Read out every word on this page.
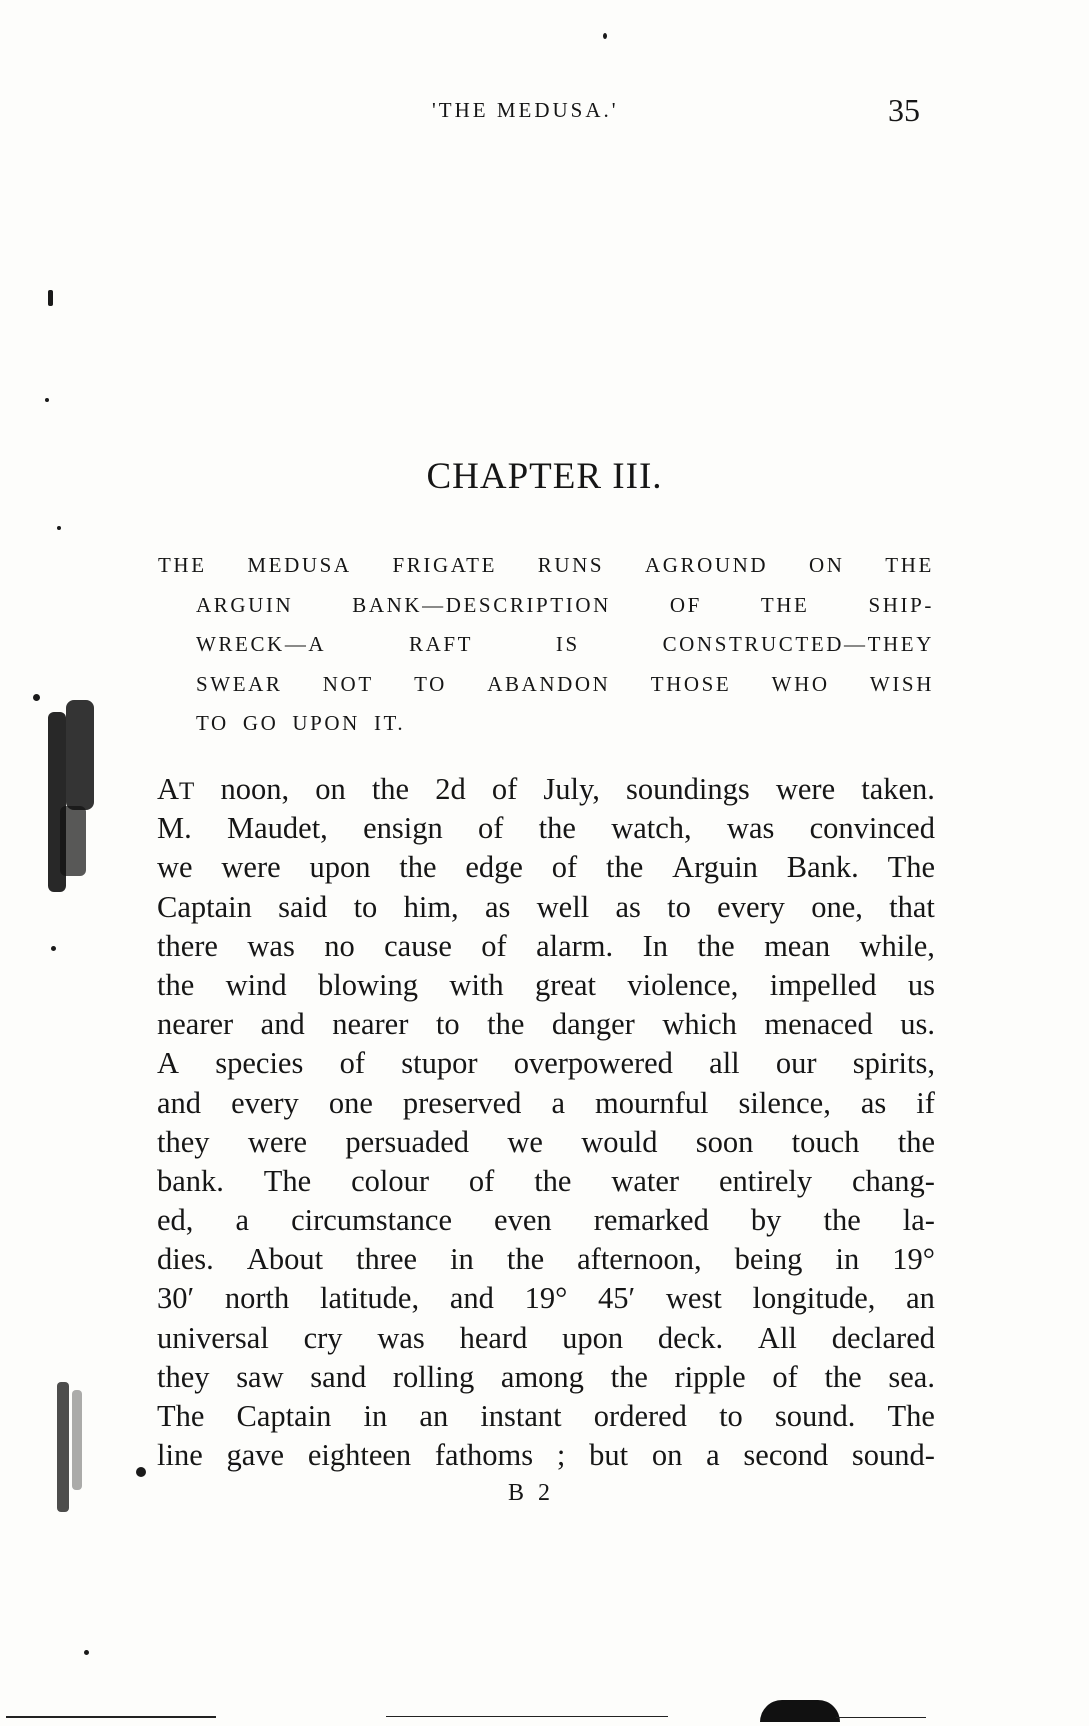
'THE MEDUSA.'	35
CHAPTER III.
THE MEDUSA FRIGATE RUNS AGROUND ON THE
ARGUIN	BANK—DESCRIPTION	OF	THE	SHIP-
WRECK—A	RAFT	IS	CONSTRUCTED—THEY
SWEAR NOT TO ABANDON THOSE WHO WISH
TO GO UPON IT.
AT noon, on the 2d of July, soundings were taken.
M. Maudet, ensign of the watch, was convinced
we were upon the edge of the Arguin Bank. The
Captain said to him, as well as to every one, that
there was no cause of alarm. In the mean while,
the wind blowing with great violence, impelled us
nearer and nearer to the danger which menaced us.
A species of stupor overpowered all our spirits,
and every one preserved a mournful silence, as if
they were persuaded we would soon touch the
bank. The colour of the water entirely chang-
ed, a circumstance even remarked by the la-
dies. About three in the afternoon, being in 19°
30′ north latitude, and 19° 45′ west longitude, an
universal cry was heard upon deck. All declared
they saw sand rolling among the ripple of the sea.
The Captain in an instant ordered to sound. The
line gave eighteen fathoms ; but on a second sound-
B 2
